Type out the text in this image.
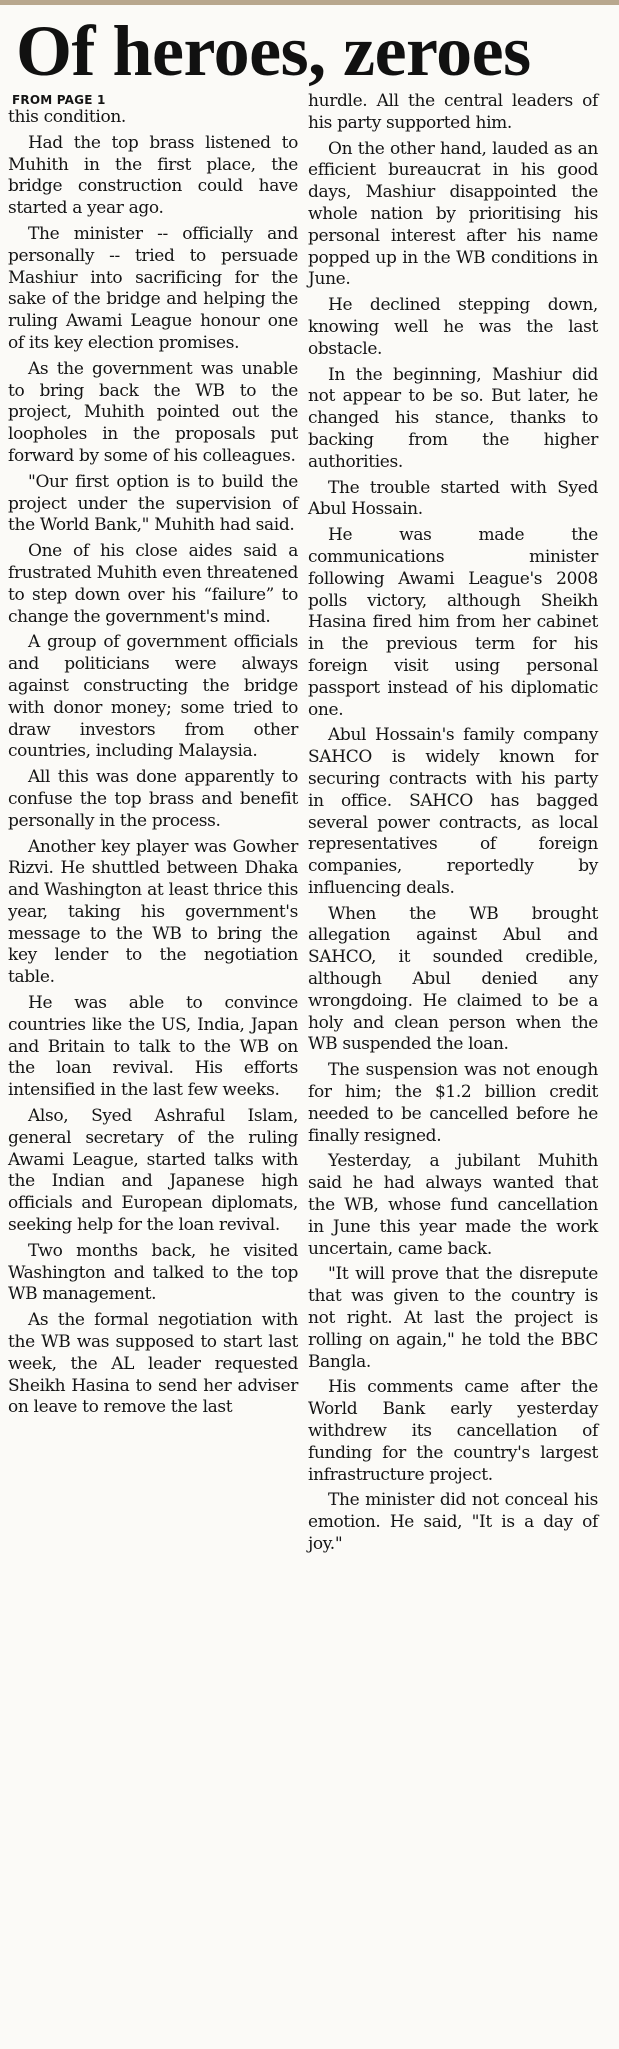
Of heroes, zeroes
FROM PAGE 1

this condition.

Had the top brass listened to Muhith in the first place, the bridge construction could have started a year ago.

The minister -- officially and personally -- tried to persuade Mashiur into sacrificing for the sake of the bridge and helping the ruling Awami League honour one of its key election promises.

As the government was unable to bring back the WB to the project, Muhith pointed out the loopholes in the proposals put forward by some of his colleagues.

"Our first option is to build the project under the supervision of the World Bank," Muhith had said.

One of his close aides said a frustrated Muhith even threatened to step down over his “failure” to change the government's mind.

A group of government officials and politicians were always against constructing the bridge with donor money; some tried to draw investors from other countries, including Malaysia.

All this was done apparently to confuse the top brass and benefit personally in the process.

Another key player was Gowher Rizvi. He shuttled between Dhaka and Washington at least thrice this year, taking his government's message to the WB to bring the key lender to the negotiation table.

He was able to convince countries like the US, India, Japan and Britain to talk to the WB on the loan revival. His efforts intensified in the last few weeks.

Also, Syed Ashraful Islam, general secretary of the ruling Awami League, started talks with the Indian and Japanese high officials and European diplomats, seeking help for the loan revival.

Two months back, he visited Washington and talked to the top WB management.

As the formal negotiation with the WB was supposed to start last week, the AL leader requested Sheikh Hasina to send her adviser on leave to remove the last

hurdle. All the central leaders of his party supported him.

On the other hand, lauded as an efficient bureaucrat in his good days, Mashiur disappointed the whole nation by prioritising his personal interest after his name popped up in the WB conditions in June.

He declined stepping down, knowing well he was the last obstacle.

In the beginning, Mashiur did not appear to be so. But later, he changed his stance, thanks to backing from the higher authorities.

The trouble started with Syed Abul Hossain.

He was made the communications minister following Awami League's 2008 polls victory, although Sheikh Hasina fired him from her cabinet in the previous term for his foreign visit using personal passport instead of his diplomatic one.

Abul Hossain's family company SAHCO is widely known for securing contracts with his party in office. SAHCO has bagged several power contracts, as local representatives of foreign companies, reportedly by influencing deals.

When the WB brought allegation against Abul and SAHCO, it sounded credible, although Abul denied any wrongdoing. He claimed to be a holy and clean person when the WB suspended the loan.

The suspension was not enough for him; the $1.2 billion credit needed to be cancelled before he finally resigned.

Yesterday, a jubilant Muhith said he had always wanted that the WB, whose fund cancellation in June this year made the work uncertain, came back.

"It will prove that the disrepute that was given to the country is not right. At last the project is rolling on again," he told the BBC Bangla.

His comments came after the World Bank early yesterday withdrew its cancellation of funding for the country's largest infrastructure project.

The minister did not conceal his emotion. He said, "It is a day of joy."
